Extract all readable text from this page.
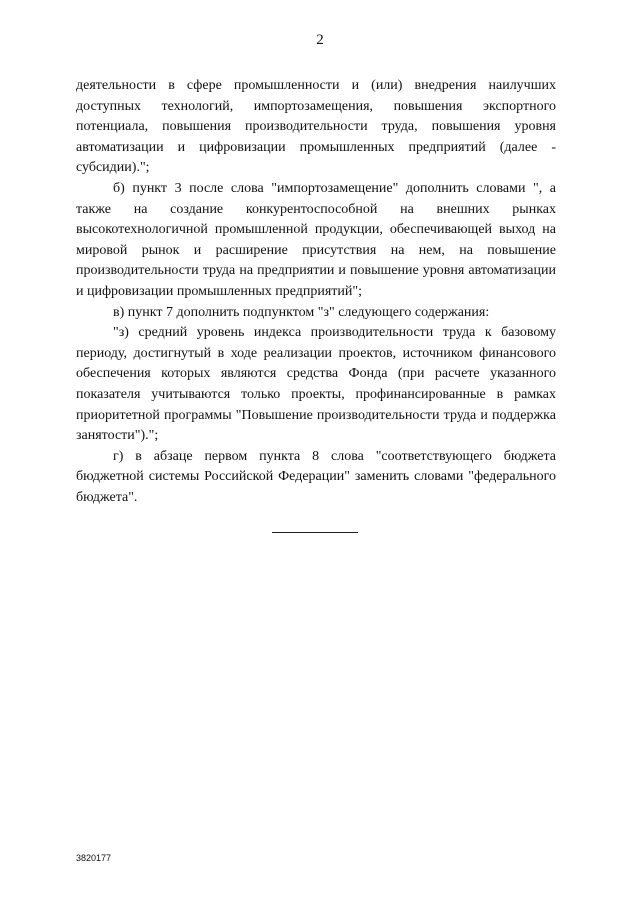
2

деятельности в сфере промышленности и (или) внедрения наилучших доступных технологий, импортозамещения, повышения экспортного потенциала, повышения производительности труда, повышения уровня автоматизации и цифровизации промышленных предприятий (далее - субсидии).";

б) пункт 3 после слова "импортозамещение" дополнить словами ", а также на создание конкурентоспособной на внешних рынках высокотехнологичной промышленной продукции, обеспечивающей выход на мировой рынок и расширение присутствия на нем, на повышение производительности труда на предприятии и повышение уровня автоматизации и цифровизации промышленных предприятий";

в) пункт 7 дополнить подпунктом "з" следующего содержания:

"з) средний уровень индекса производительности труда к базовому периоду, достигнутый в ходе реализации проектов, источником финансового обеспечения которых являются средства Фонда (при расчете указанного показателя учитываются только проекты, профинансированные в рамках приоритетной программы "Повышение производительности труда и поддержка занятости").";

г) в абзаце первом пункта 8 слова "соответствующего бюджета бюджетной системы Российской Федерации" заменить словами "федерального бюджета".

3820177
